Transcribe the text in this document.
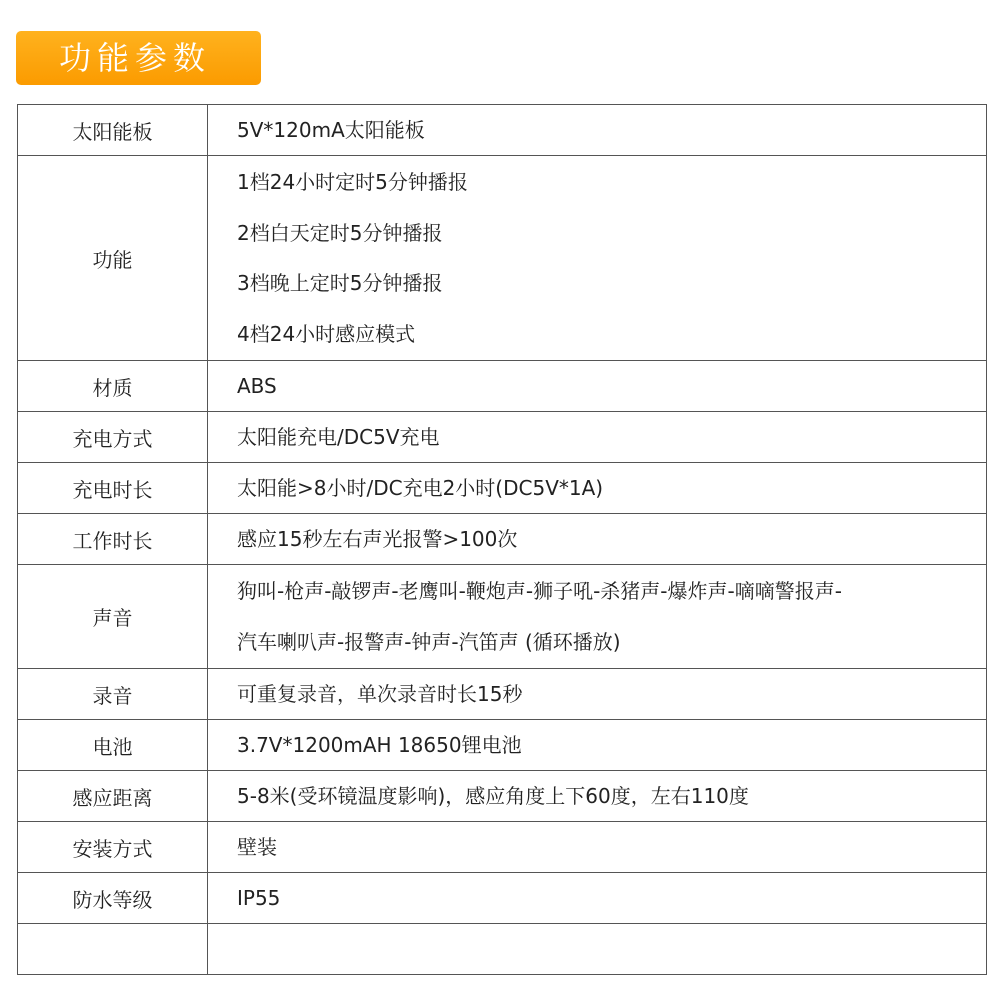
功能参数
太阳能板	5V*120mA太阳能板
功能	1档24小时定时5分钟播报
2档白天定时5分钟播报
3档晚上定时5分钟播报
4档24小时感应模式

材质	ABS
充电方式	太阳能充电/DC5V充电
充电时长	太阳能>8小时/DC充电2小时(DC5V*1A)
工作时长	感应15秒左右声光报警>100次
声音	狗叫-枪声-敲锣声-老鹰叫-鞭炮声-狮子吼-杀猪声-爆炸声-嘀嘀警报声-
汽车喇叭声-报警声-钟声-汽笛声 (循环播放)

录音	可重复录音，单次录音时长15秒
电池	3.7V*1200mAH 18650锂电池
感应距离	5-8米(受环镜温度影响)，感应角度上下60度，左右110度
安装方式	壁装
防水等级	IP55
